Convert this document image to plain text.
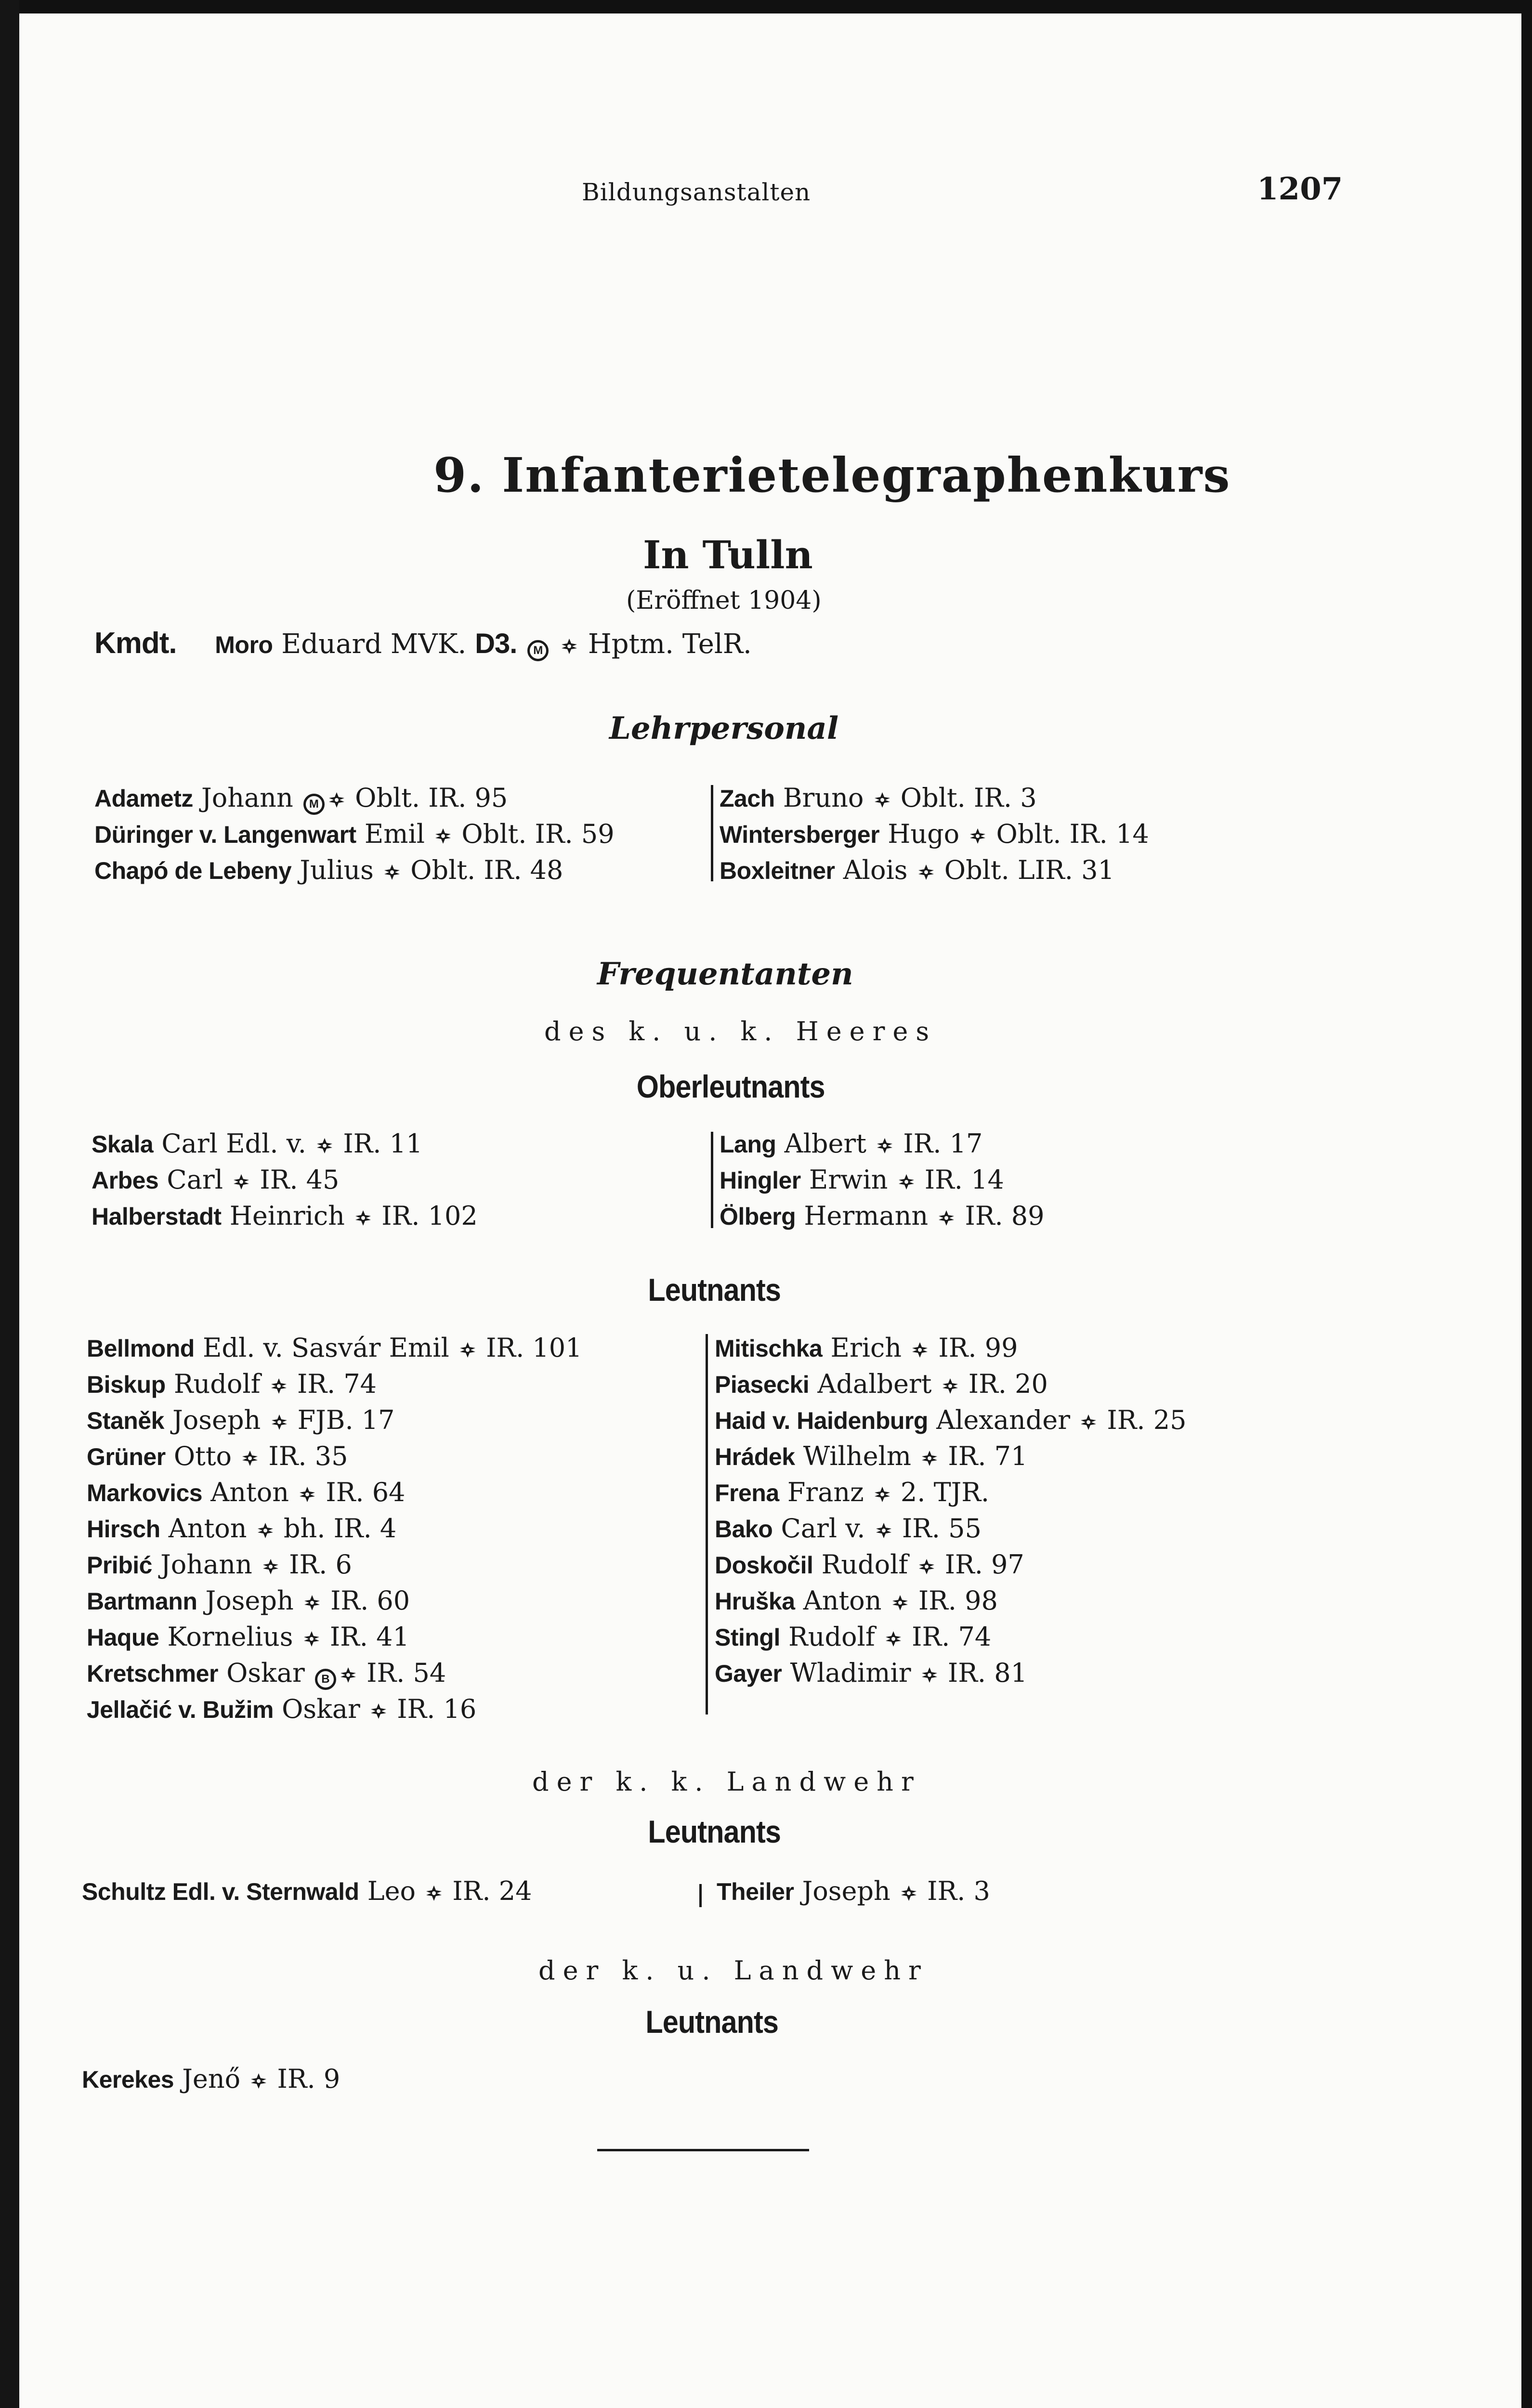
Bildungsanstalten	1207
9. Infanterietelegraphenkurs
In Tulln
(Eröffnet 1904)
Kmdt. Moro Eduard MVK. D3. M Hptm. TelR.
Lehrpersonal
Adametz Johann M Oblt. IR. 95
Düringer v. Langenwart Emil Oblt. IR. 59
Chapó de Lebeny Julius Oblt. IR. 48
Zach Bruno Oblt. IR. 3
Wintersberger Hugo Oblt. IR. 14
Boxleitner Alois Oblt. LIR. 31
Frequentanten
des k. u. k. Heeres
Oberleutnants
Skala Carl Edl. v. IR. 11
Arbes Carl IR. 45
Halberstadt Heinrich IR. 102
Lang Albert IR. 17
Hingler Erwin IR. 14
Ölberg Hermann IR. 89
Leutnants
Bellmond Edl. v. Sasvár Emil IR. 101
Biskup Rudolf IR. 74
Staněk Joseph FJB. 17
Grüner Otto IR. 35
Markovics Anton IR. 64
Hirsch Anton bh. IR. 4
Pribić Johann IR. 6
Bartmann Joseph IR. 60
Haque Kornelius IR. 41
Kretschmer Oskar B IR. 54
Jellačić v. Bužim Oskar IR. 16
Mitischka Erich IR. 99
Piasecki Adalbert IR. 20
Haid v. Haidenburg Alexander IR. 25
Hrádek Wilhelm IR. 71
Frena Franz 2. TJR.
Bako Carl v. IR. 55
Doskočil Rudolf IR. 97
Hruška Anton IR. 98
Stingl Rudolf IR. 74
Gayer Wladimir IR. 81
der k. k. Landwehr
Leutnants
Schultz Edl. v. Sternwald Leo IR. 24	Theiler Joseph IR. 3
der k. u. Landwehr
Leutnants
Kerekes Jenő IR. 9
